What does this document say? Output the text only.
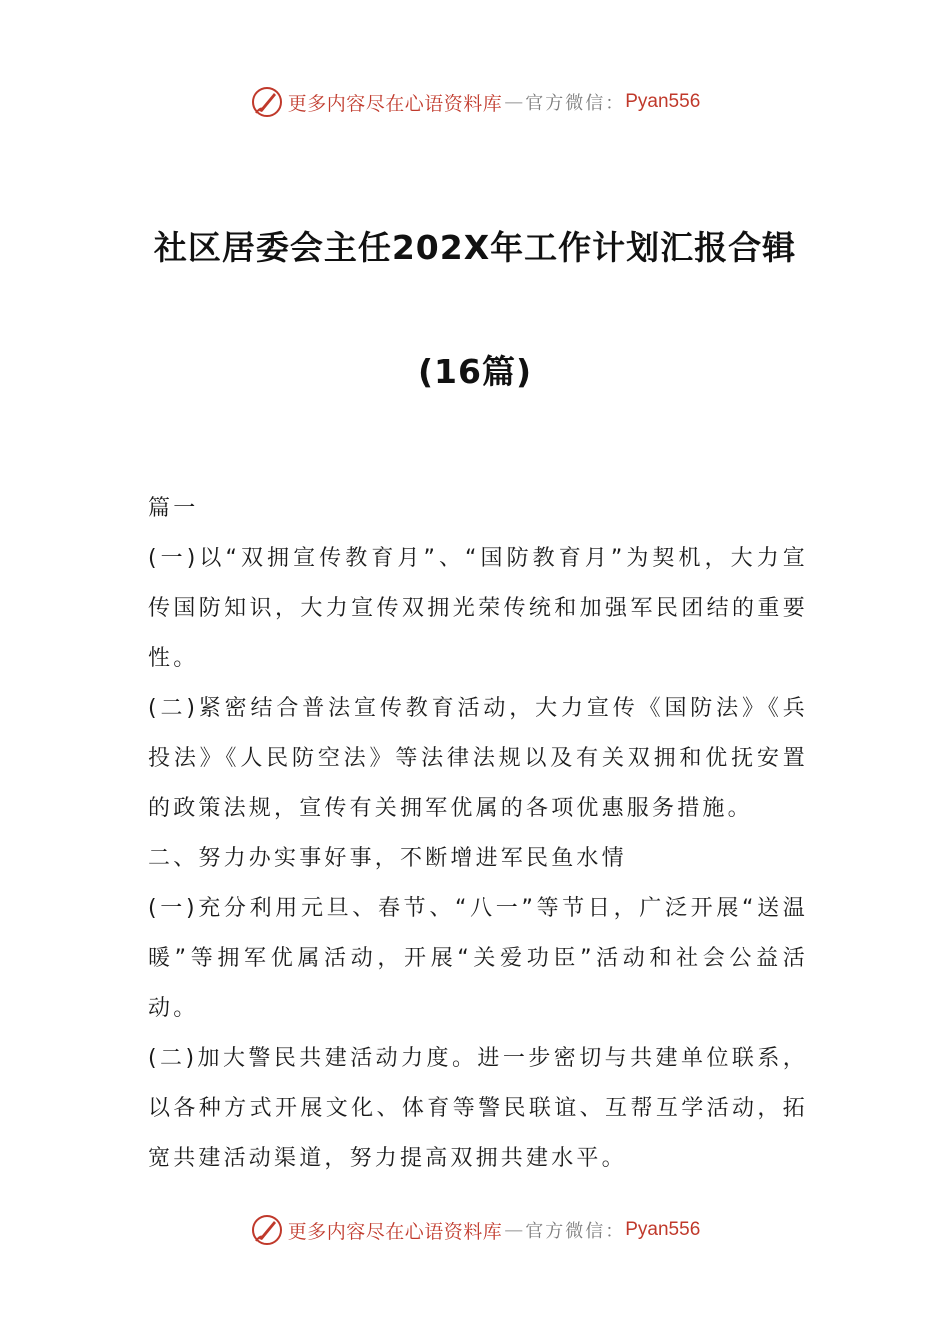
更多内容尽在心语资料库 — 官方微信： Pyan556
社区居委会主任202X年工作计划汇报合辑
(16篇)

篇一

(一)以“双拥宣传教育月”、“国防教育月”为契机，大力宣传国防知识，大力宣传双拥光荣传统和加强军民团结的重要性。

(二)紧密结合普法宣传教育活动，大力宣传《国防法》《兵投法》《人民防空法》等法律法规以及有关双拥和优抚安置的政策法规，宣传有关拥军优属的各项优惠服务措施。

二、努力办实事好事，不断增进军民鱼水情

(一)充分利用元旦、春节、“八一”等节日，广泛开展“送温暖”等拥军优属活动，开展“关爱功臣”活动和社会公益活动。

(二)加大警民共建活动力度。进一步密切与共建单位联系，以各种方式开展文化、体育等警民联谊、互帮互学活动，拓宽共建活动渠道，努力提高双拥共建水平。

更多内容尽在心语资料库 — 官方微信： Pyan556
